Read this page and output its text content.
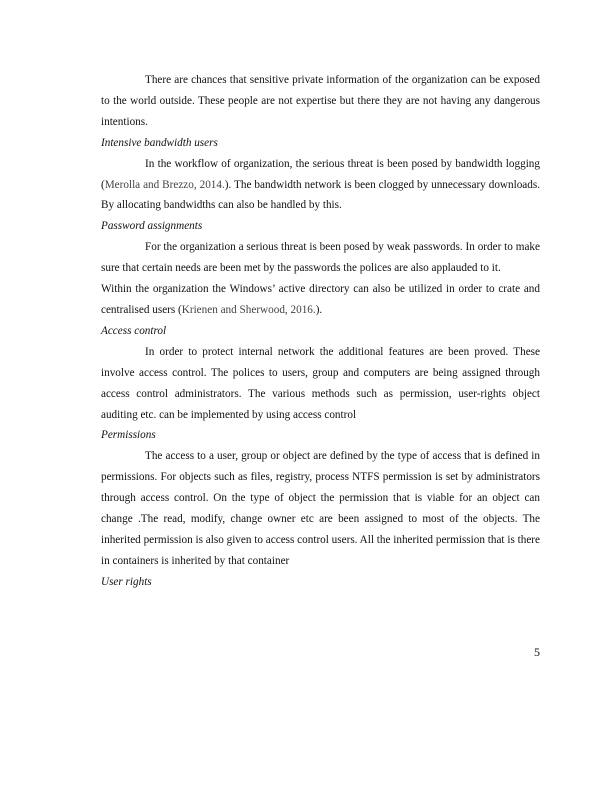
There are chances that sensitive private information of the organization can be exposed to the world outside. These people are not expertise but there they are not having any dangerous intentions.

Intensive bandwidth users

In the workflow of organization, the serious threat is been posed by bandwidth logging (Merolla and Brezzo, 2014.). The bandwidth network is been clogged by unnecessary downloads. By allocating bandwidths can also be handled by this.

Password assignments

For the organization a serious threat is been posed by weak passwords. In order to make sure that certain needs are been met by the passwords the polices are also applauded to it.

Within the organization the Windows’ active directory can also be utilized in order to crate and centralised users (Krienen and Sherwood, 2016.).

Access control

In order to protect internal network the additional features are been proved. These involve access control. The polices to users, group and computers are being assigned through access control administrators. The various methods such as permission, user-rights object auditing etc. can be implemented by using access control

Permissions

The access to a user, group or object are defined by the type of access that is defined in permissions. For objects such as files, registry, process NTFS permission is set by administrators through access control. On the type of object the permission that is viable for an object can change .The read, modify, change owner etc are been assigned to most of the objects. The inherited permission is also given to access control users. All the inherited permission that is there in containers is inherited by that container

User rights

5
